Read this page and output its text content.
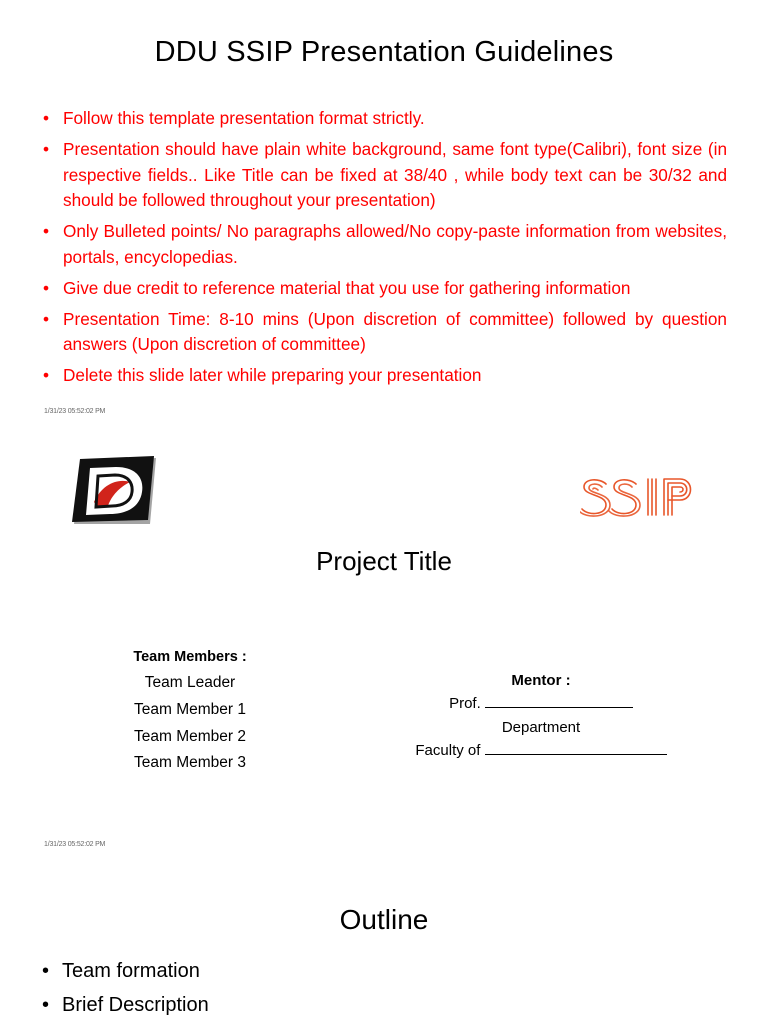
DDU SSIP Presentation Guidelines
• Follow this template presentation format strictly.
• Presentation should have plain white background, same font type(Calibri), font size (in respective fields.. Like Title can be fixed at 38/40 , while body text can be 30/32 and should be followed throughout your presentation)
• Only Bulleted points/ No paragraphs allowed/No copy-paste information from websites, portals, encyclopedias.
• Give due credit to reference material that you use for gathering information
• Presentation Time: 8-10 mins (Upon discretion of committee) followed by question answers (Upon discretion of committee)
• Delete this slide later while preparing your presentation
1/31/23 05:52:02 PM
Project Title
Team Members :
Team Leader
Team Member 1
Team Member 2
Team Member 3
Mentor :
Prof.
Department
Faculty of
1/31/23 05:52:02 PM
Outline
• Team formation
• Brief Description
